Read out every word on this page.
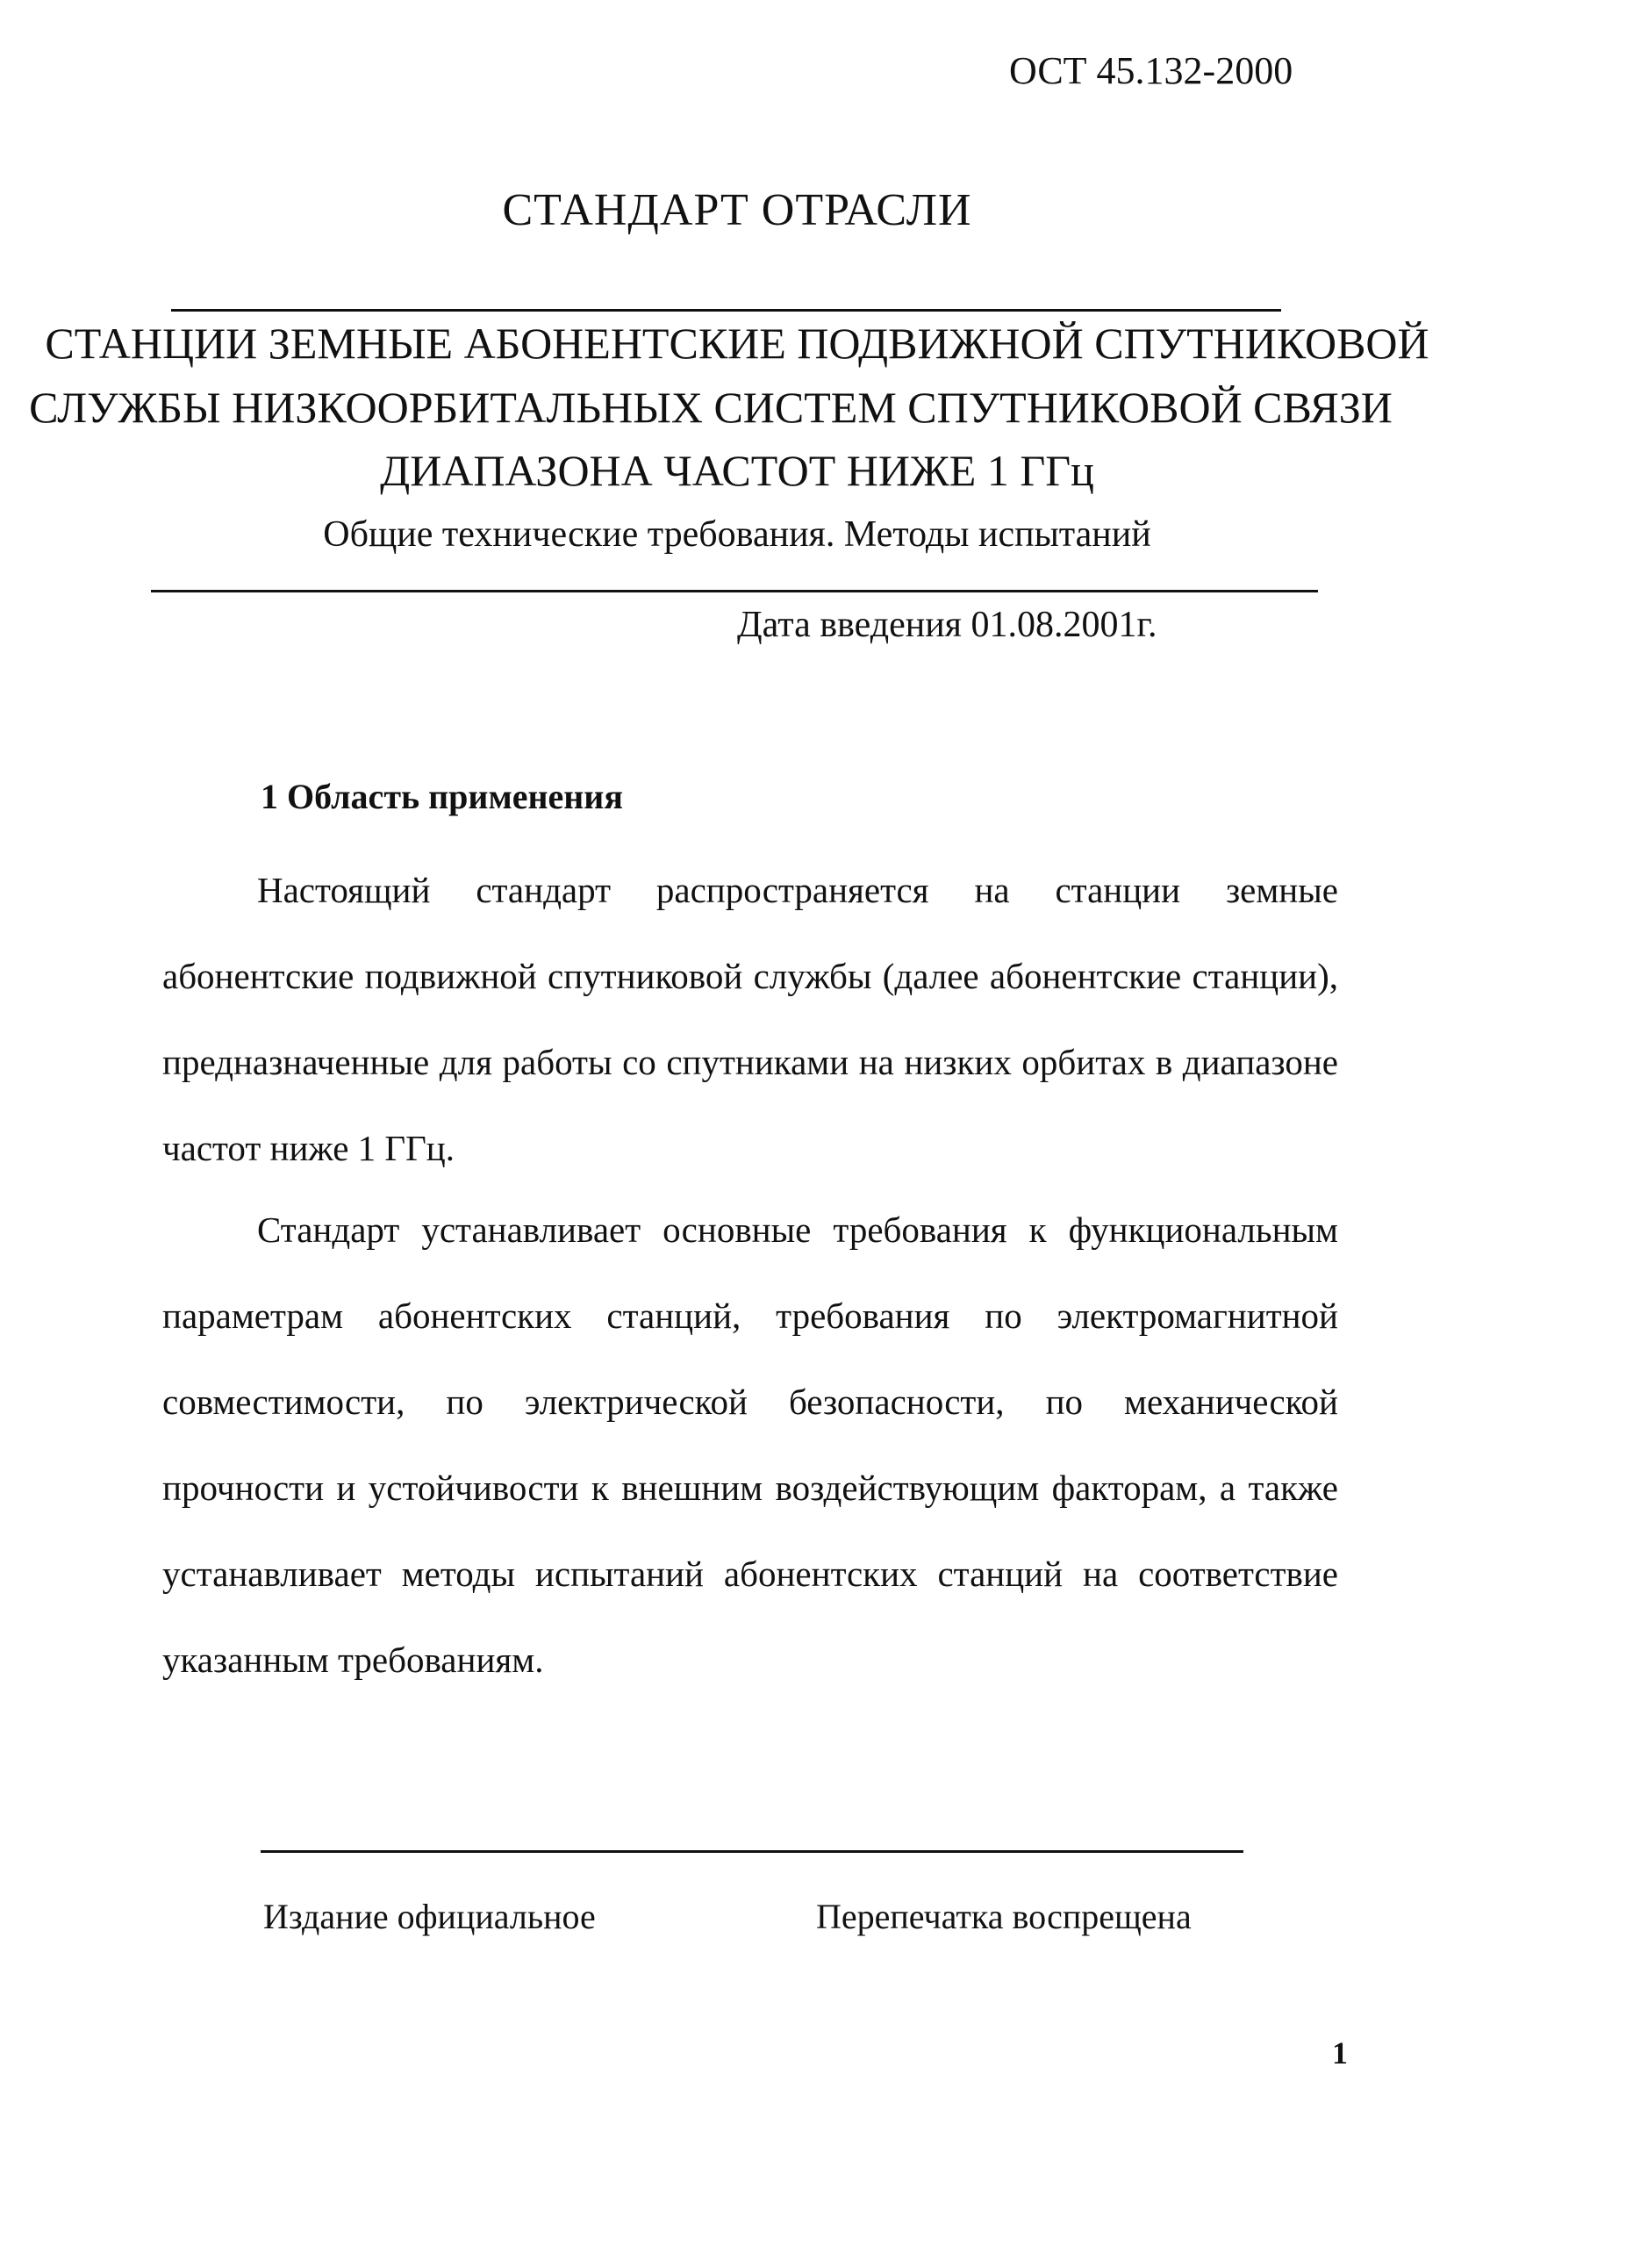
ОСТ 45.132-2000
СТАНДАРТ ОТРАСЛИ
СТАНЦИИ ЗЕМНЫЕ АБОНЕНТСКИЕ ПОДВИЖНОЙ СПУТНИКОВОЙ
СЛУЖБЫ НИЗКООРБИТАЛЬНЫХ СИСТЕМ СПУТНИКОВОЙ СВЯЗИ
ДИАПАЗОНА ЧАСТОТ НИЖЕ 1 ГГц
Общие технические требования. Методы испытаний
Дата введения 01.08.2001г.
1 Область применения
Настоящий стандарт распространяется на станции земные абонентские подвижной спутниковой службы (далее абонентские станции), предназначенные для работы со спутниками на низких орбитах в диапазоне частот ниже 1 ГГц.
Стандарт устанавливает основные требования к функциональным параметрам абонентских станций, требования по электромагнитной совместимости, по электрической безопасности, по механической прочности и устойчивости к внешним воздействующим факторам, а также устанавливает методы испытаний абонентских станций на соответствие указанным требованиям.
Издание официальное	Перепечатка воспрещена
1
